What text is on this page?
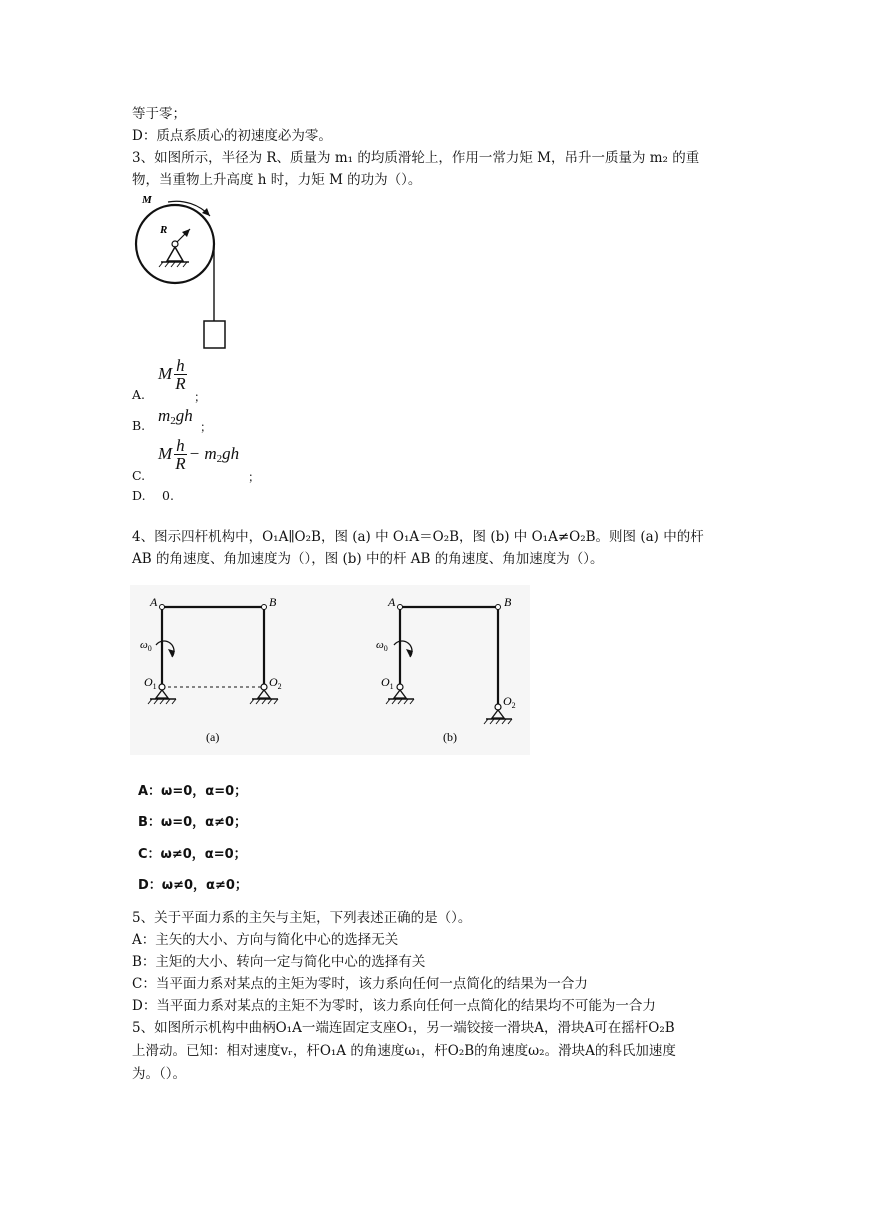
等于零；
D：质点系质心的初速度必为零。
3、如图所示，半径为 R、质量为 m₁ 的均质滑轮上，作用一常力矩 M，吊升一质量为 m₂ 的重
物，当重物上升高度 h 时，力矩 M 的功为（）。
M
R
A.
M $\frac{h}{R}$
；
B.
$m_2gh$
；
C.
M $\frac{h}{R} - m_2gh$
；
D. 0.
4、图示四杆机构中，O₁A∥O₂B，图 (a) 中 O₁A＝O₂B，图 (b) 中 O₁A≠O₂B。则图 (a) 中的杆
AB 的角速度、角加速度为（），图 (b) 中的杆 AB 的角速度、角加速度为（）。
A	B
$\omega_0$
$O_1$	$O_2$
(a)
A	B
$\omega_0$
$O_1$
$O_2$
(b)
A：ω=0，α=0；
B：ω=0，α≠0；
C：ω≠0，α=0；
D：ω≠0，α≠0；
5、关于平面力系的主矢与主矩，下列表述正确的是（）。
A：主矢的大小、方向与简化中心的选择无关
B：主矩的大小、转向一定与简化中心的选择有关
C：当平面力系对某点的主矩为零时，该力系向任何一点简化的结果为一合力
D：当平面力系对某点的主矩不为零时，该力系向任何一点简化的结果均不可能为一合力
5、如图所示机构中曲柄O₁A一端连固定支座O₁，另一端铰接一滑块A，滑块A可在摇杆O₂B
上滑动。已知：相对速度vᵣ，杆O₁A 的角速度ω₁，杆O₂B的角速度ω₂。滑块A的科氏加速度
为。（）。
